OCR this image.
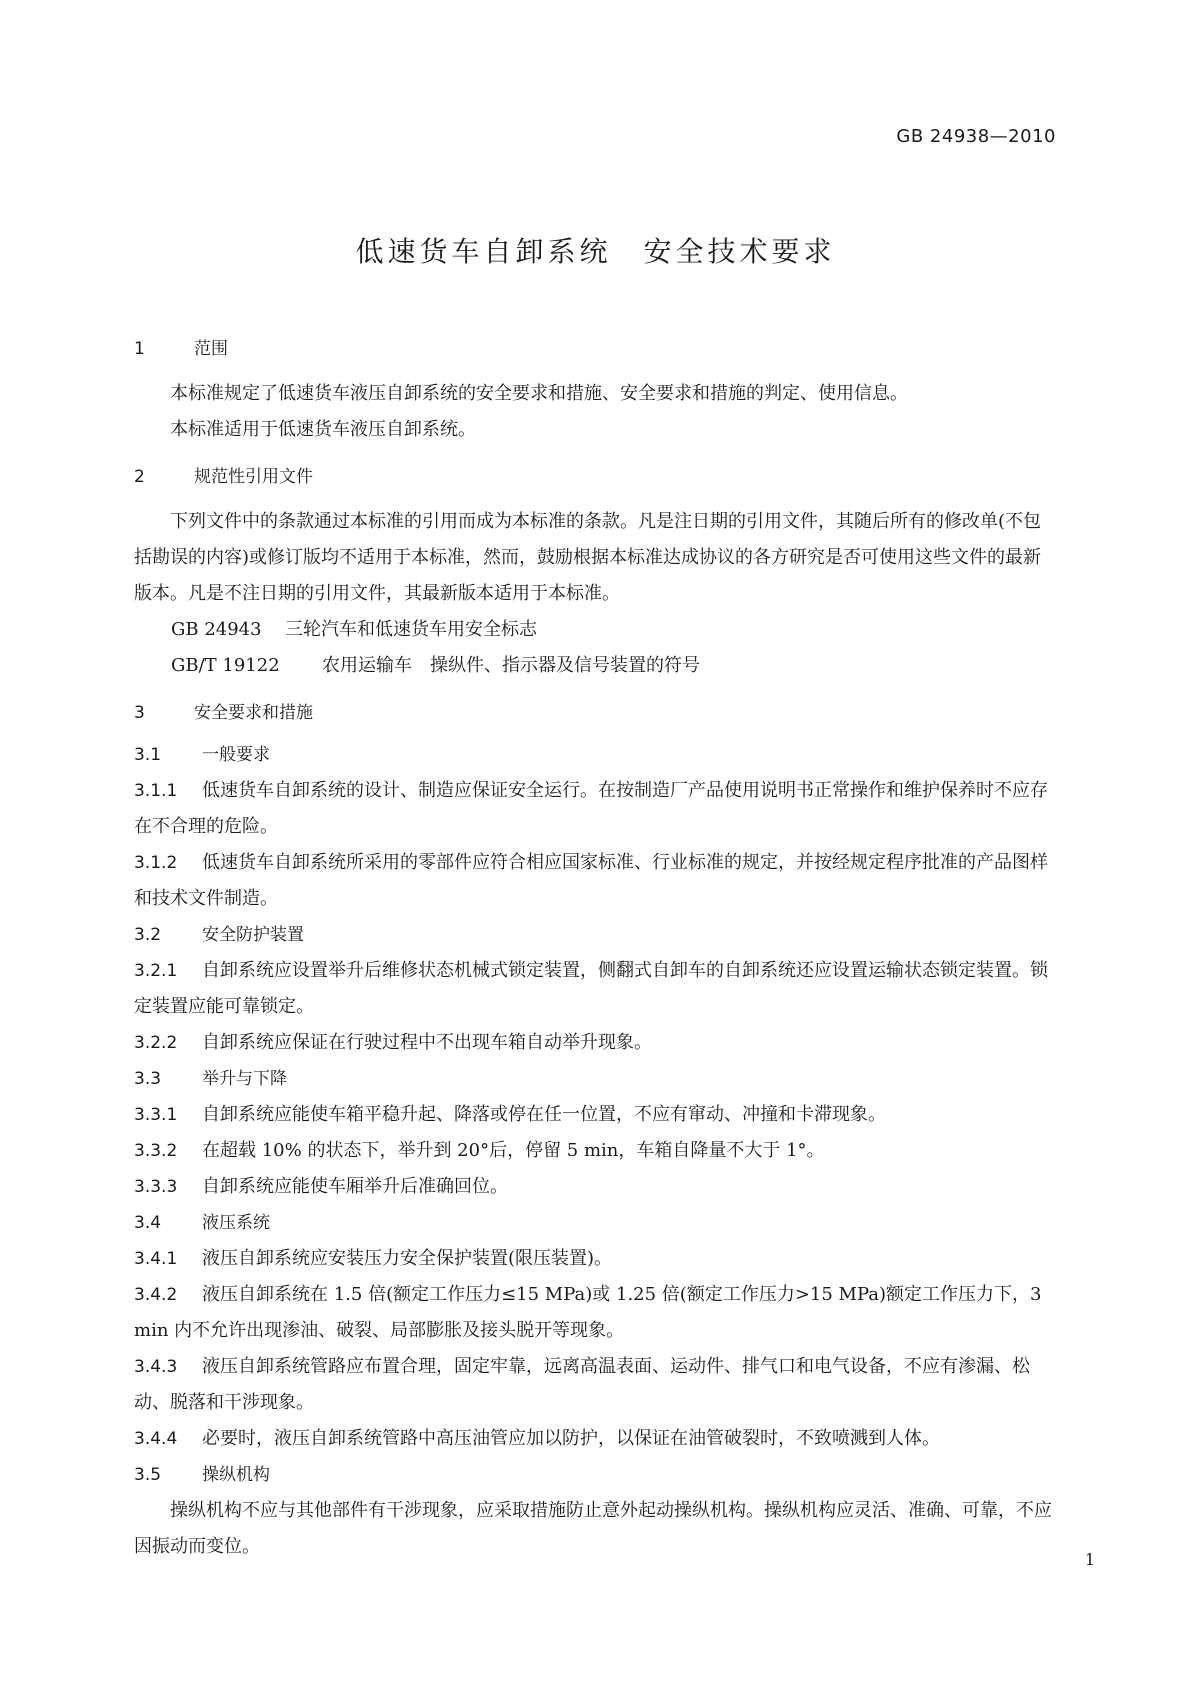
GB 24938—2010
低速货车自卸系统　安全技术要求
1	范围
本标准规定了低速货车液压自卸系统的安全要求和措施、安全要求和措施的判定、使用信息。
本标准适用于低速货车液压自卸系统。
2	规范性引用文件
下列文件中的条款通过本标准的引用而成为本标准的条款。凡是注日期的引用文件，其随后所有的修改单(不包括勘误的内容)或修订版均不适用于本标准，然而，鼓励根据本标准达成协议的各方研究是否可使用这些文件的最新版本。凡是不注日期的引用文件，其最新版本适用于本标准。
GB 24943 三轮汽车和低速货车用安全标志
GB/T 19122 农用运输车　操纵件、指示器及信号装置的符号
3	安全要求和措施
3.1 一般要求
3.1.1 低速货车自卸系统的设计、制造应保证安全运行。在按制造厂产品使用说明书正常操作和维护保养时不应存在不合理的危险。
3.1.2 低速货车自卸系统所采用的零部件应符合相应国家标准、行业标准的规定，并按经规定程序批准的产品图样和技术文件制造。
3.2 安全防护装置
3.2.1 自卸系统应设置举升后维修状态机械式锁定装置，侧翻式自卸车的自卸系统还应设置运输状态锁定装置。锁定装置应能可靠锁定。
3.2.2 自卸系统应保证在行驶过程中不出现车箱自动举升现象。
3.3 举升与下降
3.3.1 自卸系统应能使车箱平稳升起、降落或停在任一位置，不应有窜动、冲撞和卡滞现象。
3.3.2 在超载 10% 的状态下，举升到 20°后，停留 5 min，车箱自降量不大于 1°。
3.3.3 自卸系统应能使车厢举升后准确回位。
3.4 液压系统
3.4.1 液压自卸系统应安装压力安全保护装置(限压装置)。
3.4.2 液压自卸系统在 1.5 倍(额定工作压力≤15 MPa)或 1.25 倍(额定工作压力>15 MPa)额定工作压力下，3 min 内不允许出现渗油、破裂、局部膨胀及接头脱开等现象。
3.4.3 液压自卸系统管路应布置合理，固定牢靠，远离高温表面、运动件、排气口和电气设备，不应有渗漏、松动、脱落和干涉现象。
3.4.4 必要时，液压自卸系统管路中高压油管应加以防护，以保证在油管破裂时，不致喷溅到人体。
3.5 操纵机构
操纵机构不应与其他部件有干涉现象，应采取措施防止意外起动操纵机构。操纵机构应灵活、准确、可靠，不应因振动而变位。
1
